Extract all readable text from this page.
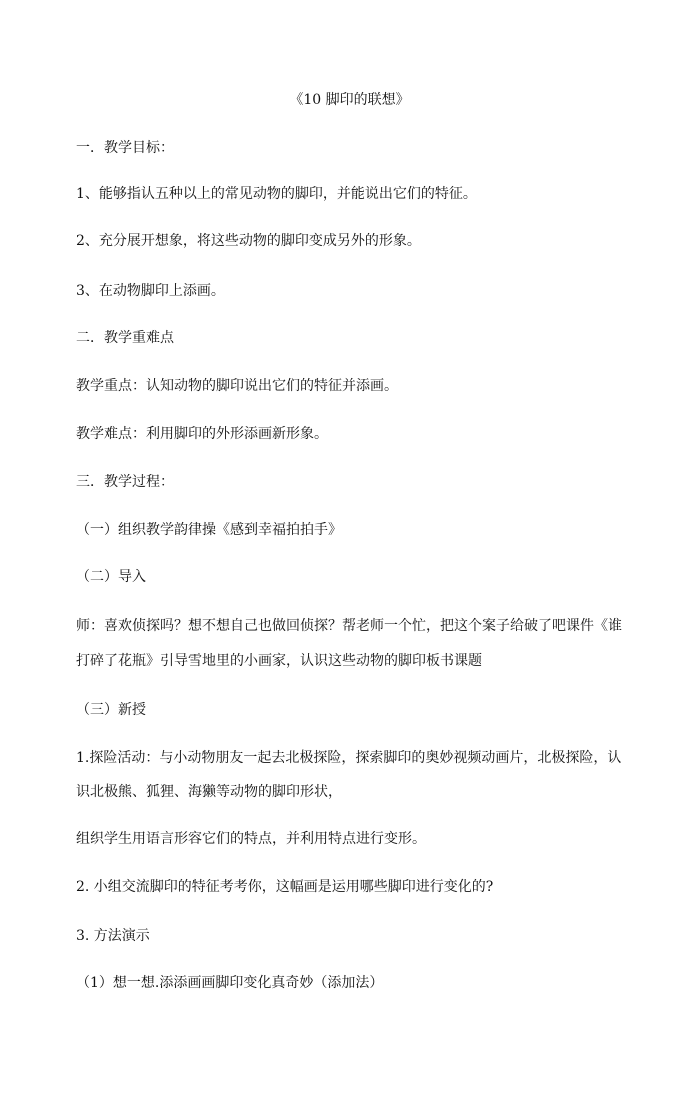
《10 脚印的联想》
一．教学目标：
1、能够指认五种以上的常见动物的脚印，并能说出它们的特征。
2、充分展开想象，将这些动物的脚印变成另外的形象。
3、在动物脚印上添画。
二．教学重难点
教学重点：认知动物的脚印说出它们的特征并添画。
教学难点：利用脚印的外形添画新形象。
三．教学过程：
（一）组织教学韵律操《感到幸福拍拍手》
（二）导入
师：喜欢侦探吗？想不想自己也做回侦探？帮老师一个忙，把这个案子给破了吧课件《谁
打碎了花瓶》引导雪地里的小画家，认识这些动物的脚印板书课题
（三）新授
1.探险活动：与小动物朋友一起去北极探险，探索脚印的奥妙视频动画片，北极探险，认
识北极熊、狐狸、海獭等动物的脚印形状，
组织学生用语言形容它们的特点，并利用特点进行变形。
2. 小组交流脚印的特征考考你，这幅画是运用哪些脚印进行变化的?
3. 方法演示
（1）想一想.添添画画脚印变化真奇妙（添加法）
